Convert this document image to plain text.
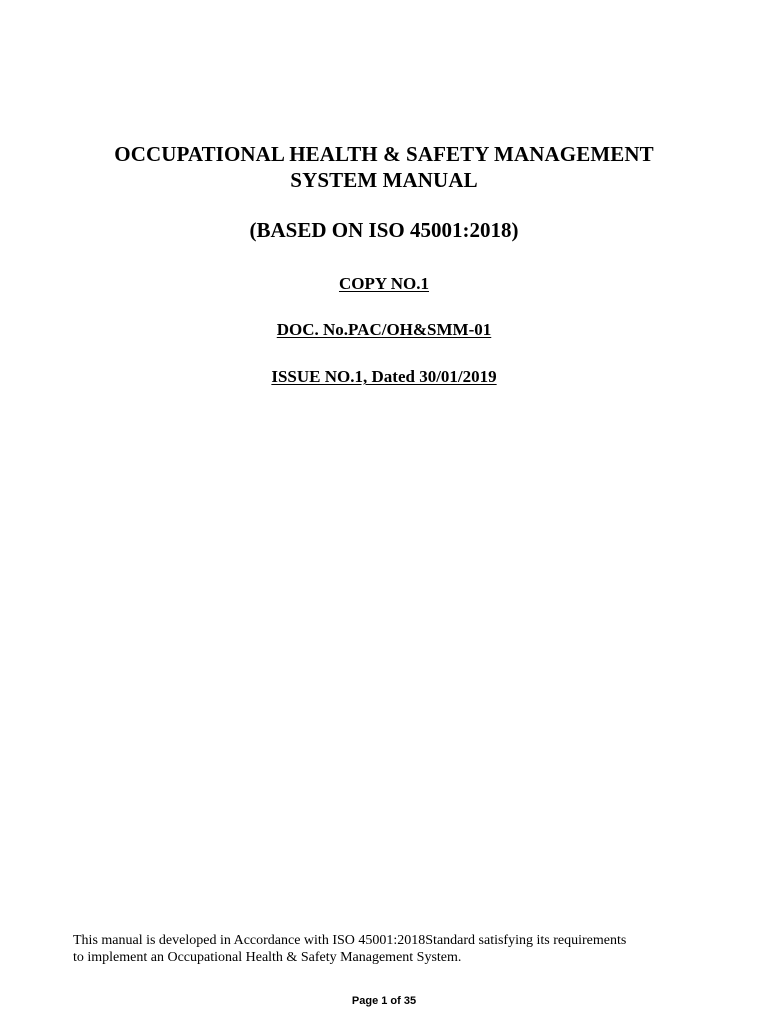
OCCUPATIONAL HEALTH & SAFETY MANAGEMENT
SYSTEM MANUAL
(BASED ON ISO 45001:2018)
COPY NO.1
DOC. No.PAC/OH&SMM-01
ISSUE NO.1, Dated 30/01/2019

This manual is developed in Accordance with ISO 45001:2018Standard satisfying its requirements

to implement an Occupational Health & Safety Management System.

Page 1 of 35
